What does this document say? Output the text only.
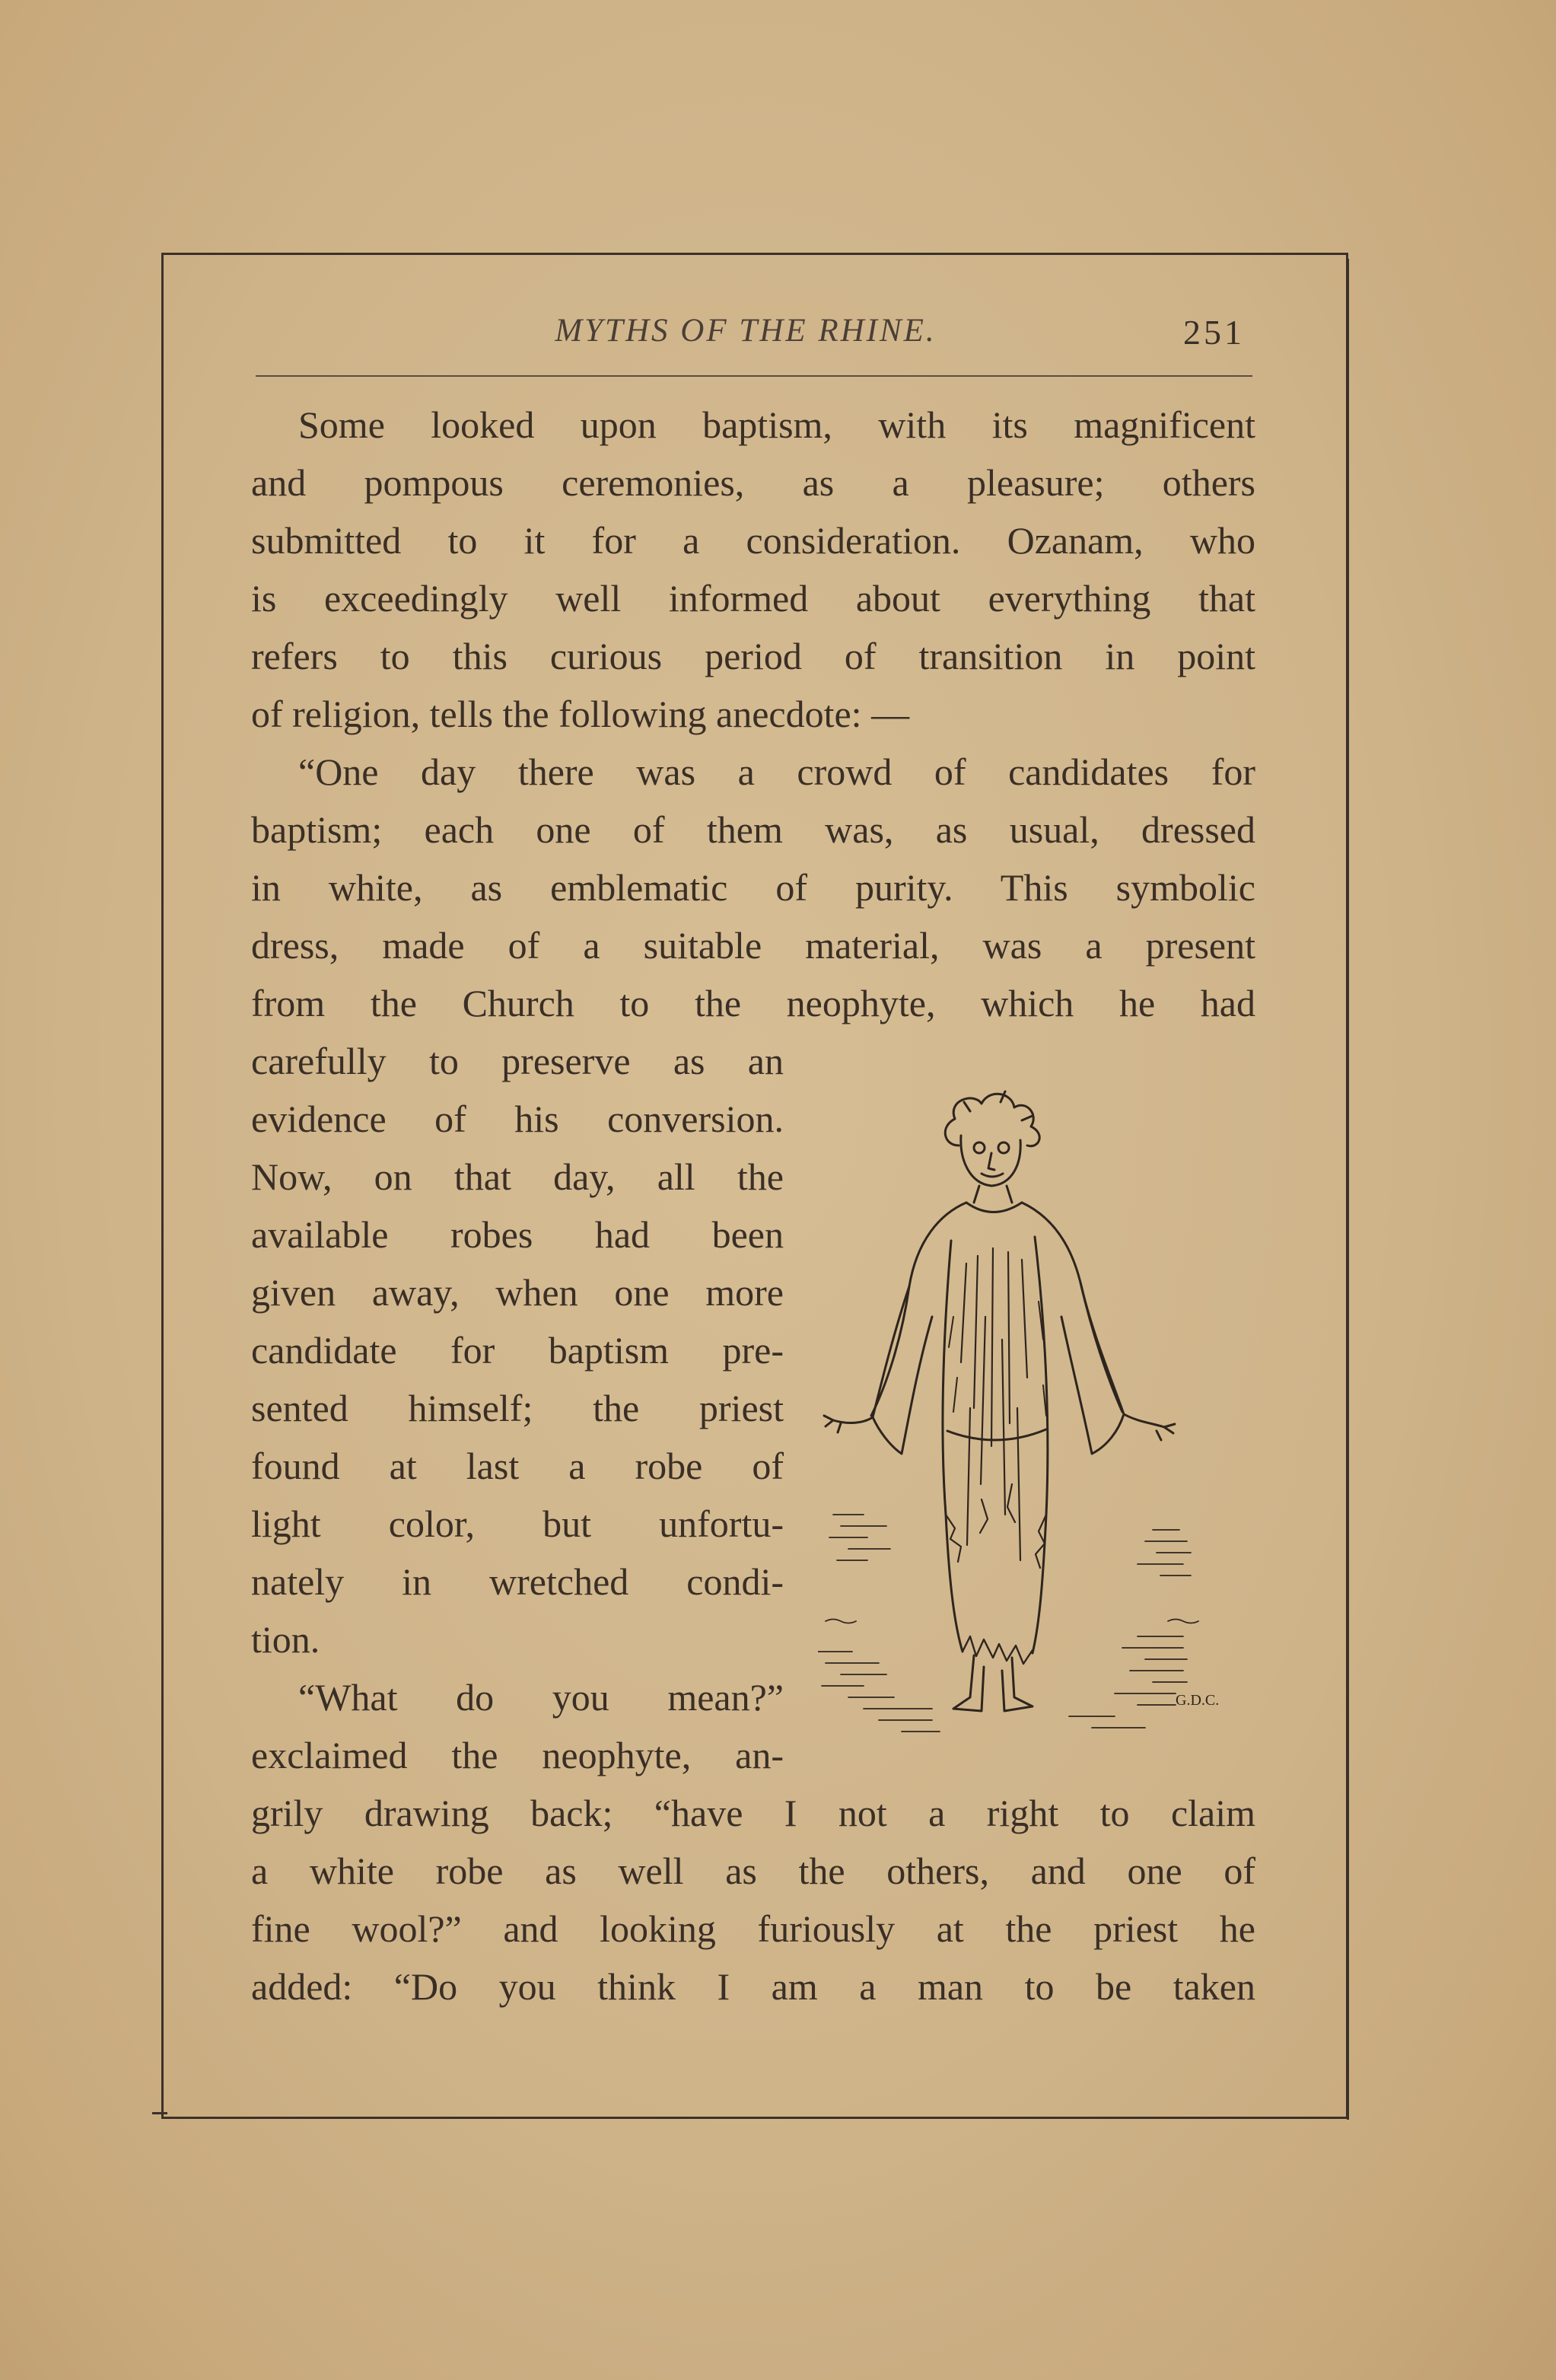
MYTHS OF THE RHINE.	251
Some looked upon baptism, with its magnificent
and pompous ceremonies, as a pleasure; others
submitted to it for a consideration. Ozanam, who
is exceedingly well informed about everything that
refers to this curious period of transition in point
of religion, tells the following anecdote: —
“One day there was a crowd of candidates for
baptism; each one of them was, as usual, dressed
in white, as emblematic of purity. This symbolic
dress, made of a suitable material, was a present
from the Church to the neophyte, which he had
carefully to preserve as an
evidence of his conversion.
Now, on that day, all the
available robes had been
given away, when one more
candidate for baptism pre-
sented himself; the priest
found at last a robe of
light color, but unfortu-
nately in wretched condi-
tion.
“What do you mean?”
exclaimed the neophyte, an-
grily drawing back; “have I not a right to claim
a white robe as well as the others, and one of
fine wool?” and looking furiously at the priest he
added: “Do you think I am a man to be taken
G.D.C.
